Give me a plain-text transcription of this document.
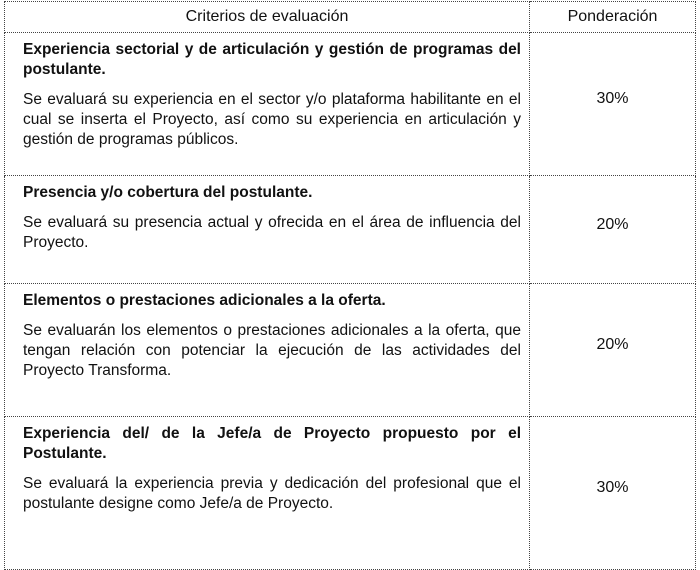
Criterios de evaluación	Ponderación

Experiencia sectorial y de articulación y gestión de programas del postulante.

Se evaluará su experiencia en el sector y/o plataforma habilitante en el cual se inserta el Proyecto, así como su experiencia en articulación y gestión de programas públicos.	30%

Presencia y/o cobertura del postulante.

Se evaluará su presencia actual y ofrecida en el área de influencia del Proyecto.	20%

Elementos o prestaciones adicionales a la oferta.

Se evaluarán los elementos o prestaciones adicionales a la oferta, que tengan relación con potenciar la ejecución de las actividades del Proyecto Transforma.	20%

Experiencia del/ de la Jefe/a de Proyecto propuesto por el Postulante.

Se evaluará la experiencia previa y dedicación del profesional que el postulante designe como Jefe/a de Proyecto.	30%
